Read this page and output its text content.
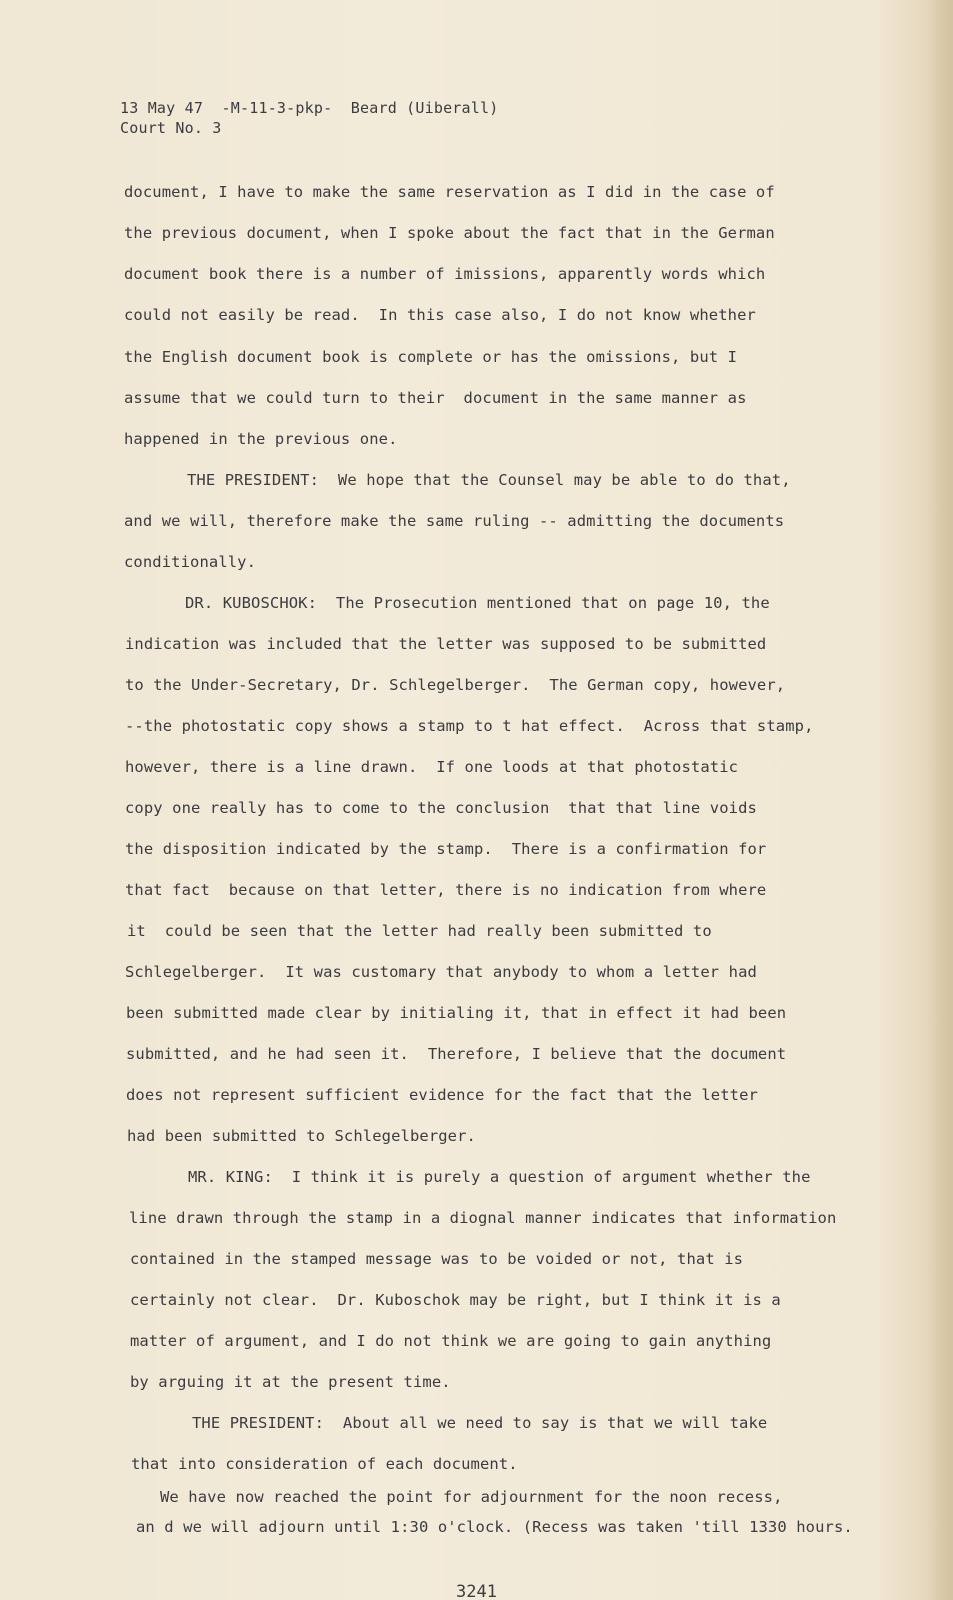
13 May 47  -M-11-3-pkp-  Beard (Uiberall)
Court No. 3
document, I have to make the same reservation as I did in the case of
the previous document, when I spoke about the fact that in the German
document book there is a number of imissions, apparently words which
could not easily be read.  In this case also, I do not know whether
the English document book is complete or has the omissions, but I
assume that we could turn to their  document in the same manner as
happened in the previous one.
THE PRESIDENT:  We hope that the Counsel may be able to do that,
and we will, therefore make the same ruling -- admitting the documents
conditionally.
DR. KUBOSCHOK:  The Prosecution mentioned that on page 10, the
indication was included that the letter was supposed to be submitted
to the Under-Secretary, Dr. Schlegelberger.  The German copy, however,
--the photostatic copy shows a stamp to t hat effect.  Across that stamp,
however, there is a line drawn.  If one loods at that photostatic
copy one really has to come to the conclusion  that that line voids
the disposition indicated by the stamp.  There is a confirmation for
that fact  because on that letter, there is no indication from where
it  could be seen that the letter had really been submitted to
Schlegelberger.  It was customary that anybody to whom a letter had
been submitted made clear by initialing it, that in effect it had been
submitted, and he had seen it.  Therefore, I believe that the document
does not represent sufficient evidence for the fact that the letter
had been submitted to Schlegelberger.
MR. KING:  I think it is purely a question of argument whether the
line drawn through the stamp in a diognal manner indicates that information
contained in the stamped message was to be voided or not, that is
certainly not clear.  Dr. Kuboschok may be right, but I think it is a
matter of argument, and I do not think we are going to gain anything
by arguing it at the present time.
THE PRESIDENT:  About all we need to say is that we will take
that into consideration of each document.
We have now reached the point for adjournment for the noon recess,
an d we will adjourn until 1:30 o'clock. (Recess was taken 'till 1330 hours.
3241
